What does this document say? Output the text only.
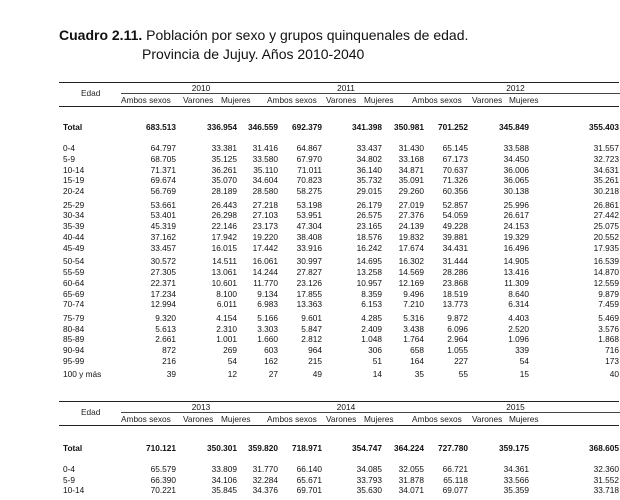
Cuadro 2.11. Población por sexo y grupos quinquenales de edad.
Provincia de Jujuy. Años 2010-2040
Edad	2010
Ambos sexos Varones Mujeres
2011
Ambos sexos Varones Mujeres
2012
Ambos sexos Varones Mujeres
Total	683.513	336.954	346.559	692.379	341.398	350.981	701.252	345.849	355.403
0-4	64.797	33.381	31.416	64.867	33.437	31.430	65.145	33.588	31.557
5-9	68.705	35.125	33.580	67.970	34.802	33.168	67.173	34.450	32.723
10-14	71.371	36.261	35.110	71.011	36.140	34.871	70.637	36.006	34.631
15-19	69.674	35.070	34.604	70.823	35.732	35.091	71.326	36.065	35.261
20-24	56.769	28.189	28.580	58.275	29.015	29.260	60.356	30.138	30.218
25-29	53.661	26.443	27.218	53.198	26.179	27.019	52.857	25.996	26.861
30-34	53.401	26.298	27.103	53.951	26.575	27.376	54.059	26.617	27.442
35-39	45.319	22.146	23.173	47.304	23.165	24.139	49.228	24.153	25.075
40-44	37.162	17.942	19.220	38.408	18.576	19.832	39.881	19.329	20.552
45-49	33.457	16.015	17.442	33.916	16.242	17.674	34.431	16.496	17.935
50-54	30.572	14.511	16.061	30.997	14.695	16.302	31.444	14.905	16.539
55-59	27.305	13.061	14.244	27.827	13.258	14.569	28.286	13.416	14.870
60-64	22.371	10.601	11.770	23.126	10.957	12.169	23.868	11.309	12.559
65-69	17.234	8.100	9.134	17.855	8.359	9.496	18.519	8.640	9.879
70-74	12.994	6.011	6.983	13.363	6.153	7.210	13.773	6.314	7.459
75-79	9.320	4.154	5.166	9.601	4.285	5.316	9.872	4.403	5.469
80-84	5.613	2.310	3.303	5.847	2.409	3.438	6.096	2.520	3.576
85-89	2.661	1.001	1.660	2.812	1.048	1.764	2.964	1.096	1.868
90-94	872	269	603	964	306	658	1.055	339	716
95-99	216	54	162	215	51	164	227	54	173
100 y más	39	12	27	49	14	35	55	15	40
Edad	2013
Ambos sexos Varones Mujeres
2014
Ambos sexos Varones Mujeres
2015
Ambos sexos Varones Mujeres
Total	710.121	350.301	359.820	718.971	354.747	364.224	727.780	359.175	368.605
0-4	65.579	33.809	31.770	66.140	34.085	32.055	66.721	34.361	32.360
5-9	66.390	34.106	32.284	65.671	33.793	31.878	65.118	33.566	31.552
10-14	70.221	35.845	34.376	69.701	35.630	34.071	69.077	35.359	33.718
